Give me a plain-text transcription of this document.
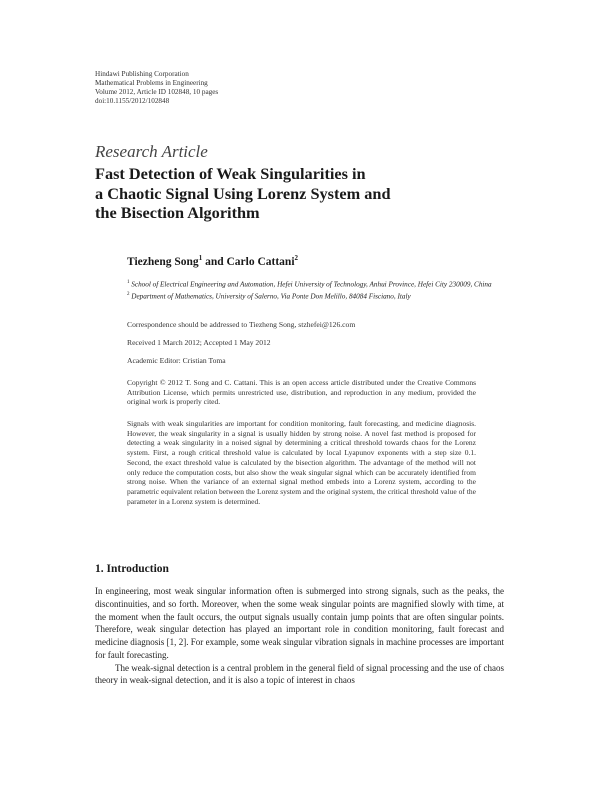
Hindawi Publishing Corporation
Mathematical Problems in Engineering
Volume 2012, Article ID 102848, 10 pages
doi:10.1155/2012/102848
Research Article
Fast Detection of Weak Singularities in
a Chaotic Signal Using Lorenz System and
the Bisection Algorithm
Tiezheng Song$^1$ and Carlo Cattani$^2$
$^1$ School of Electrical Engineering and Automation, Hefei University of Technology, Anhui Province, Hefei City 230009, China
$^2$ Department of Mathematics, University of Salerno, Via Ponte Don Melillo, 84084 Fisciano, Italy
Correspondence should be addressed to Tiezheng Song, stzhefei@126.com
Received 1 March 2012; Accepted 1 May 2012
Academic Editor: Cristian Toma
Copyright © 2012 T. Song and C. Cattani. This is an open access article distributed under the Creative Commons Attribution License, which permits unrestricted use, distribution, and reproduction in any medium, provided the original work is properly cited.
Signals with weak singularities are important for condition monitoring, fault forecasting, and medicine diagnosis. However, the weak singularity in a signal is usually hidden by strong noise. A novel fast method is proposed for detecting a weak singularity in a noised signal by determining a critical threshold towards chaos for the Lorenz system. First, a rough critical threshold value is calculated by local Lyapunov exponents with a step size 0.1. Second, the exact threshold value is calculated by the bisection algorithm. The advantage of the method will not only reduce the computation costs, but also show the weak singular signal which can be accurately identified from strong noise. When the variance of an external signal method embeds into a Lorenz system, according to the parametric equivalent relation between the Lorenz system and the original system, the critical threshold value of the parameter in a Lorenz system is determined.
1. Introduction

In engineering, most weak singular information often is submerged into strong signals, such as the peaks, the discontinuities, and so forth. Moreover, when the some weak singular points are magnified slowly with time, at the moment when the fault occurs, the output signals usually contain jump points that are often singular points. Therefore, weak singular detection has played an important role in condition monitoring, fault forecast and medicine diagnosis [1, 2]. For example, some weak singular vibration signals in machine processes are important for fault forecasting.

The weak-signal detection is a central problem in the general field of signal processing and the use of chaos theory in weak-signal detection, and it is also a topic of interest in chaos
